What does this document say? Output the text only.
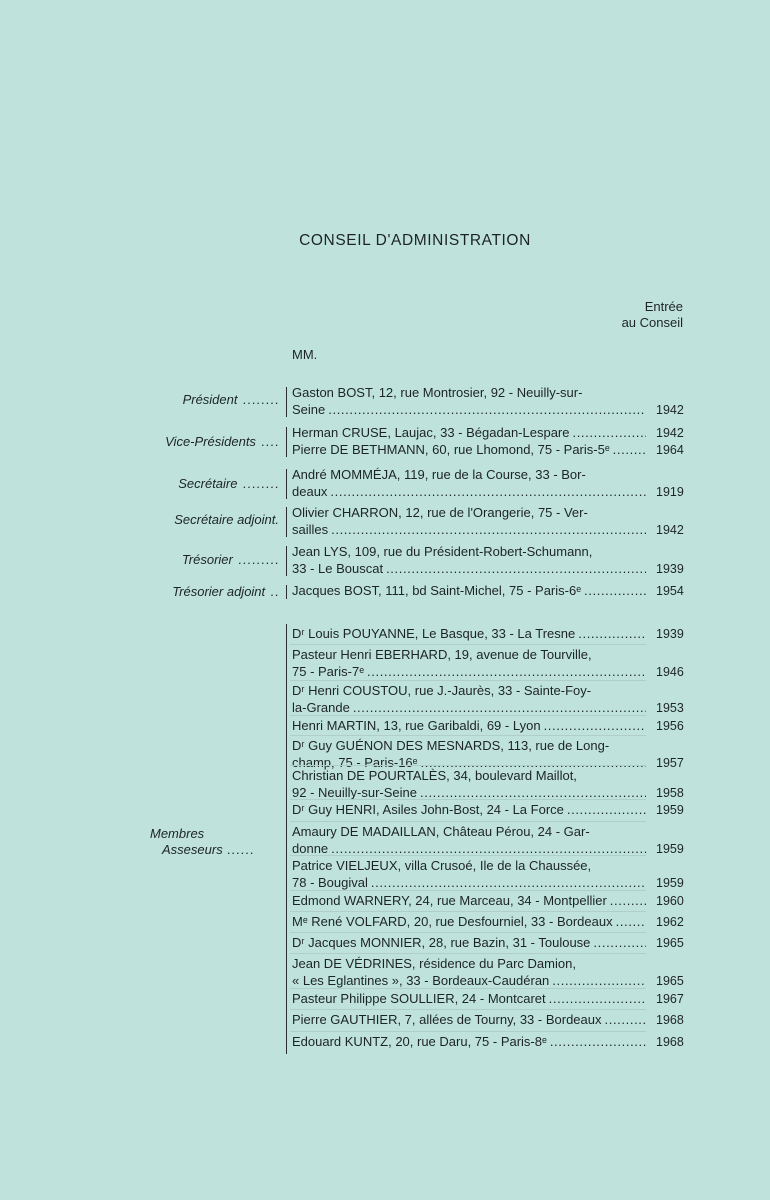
CONSEIL D'ADMINISTRATION
Entrée
au Conseil
MM.
Président ........ Gaston BOST, 12, rue Montrosier, 92 - Neuilly-sur-
Seine . . .	1942
Vice-Présidents ....
Herman CRUSE, Laujac, 33 - Bégadan-Lespare . . .	1942
Pierre DE BETHMANN, 60, rue Lhomond, 75 - Paris-5ᵉ . . .	1964
Secrétaire ........
André MOMMÉJA, 119, rue de la Course, 33 - Bor-
deaux . . .	1919
Secrétaire adjoint. Olivier CHARRON, 12, rue de l'Orangerie, 75 - Ver-
sailles . . .	1942
Trésorier .........
Jean LYS, 109, rue du Président-Robert-Schumann,
33 - Le Bouscat . . .	1939
Trésorier adjoint .. Jacques BOST, 111, bd Saint-Michel, 75 - Paris-6ᵉ . . .	1954
Membres
Asseseurs ......
Dʳ Louis POUYANNE, Le Basque, 33 - La Tresne . . .	1939
Pasteur Henri EBERHARD, 19, avenue de Tourville,
75 - Paris-7ᵉ . . .	1946
Dʳ Henri COUSTOU, rue J.-Jaurès, 33 - Sainte-Foy-
la-Grande . . .	1953
Henri MARTIN, 13, rue Garibaldi, 69 - Lyon . . .	1956
Dʳ Guy GUÉNON DES MESNARDS, 113, rue de Long-
champ, 75 - Paris-16ᵉ . . .	1957
Christian DE POURTALÈS, 34, boulevard Maillot,
92 - Neuilly-sur-Seine . . .	1958
Dʳ Guy HENRI, Asiles John-Bost, 24 - La Force . . .	1959
Amaury DE MADAILLAN, Château Pérou, 24 - Gar-
donne . . .	1959
Patrice VIELJEUX, villa Crusoé, Ile de la Chaussée,
78 - Bougival . . .	1959
Edmond WARNERY, 24, rue Marceau, 34 - Montpellier . . .	1960
Mᵉ René VOLFARD, 20, rue Desfourniel, 33 - Bordeaux . . .	1962
Dʳ Jacques MONNIER, 28, rue Bazin, 31 - Toulouse . . .	1965
Jean DE VÉDRINES, résidence du Parc Damion,
« Les Eglantines », 33 - Bordeaux-Caudéran . . .	1965
Pasteur Philippe SOULLIER, 24 - Montcaret . . .	1967
Pierre GAUTHIER, 7, allées de Tourny, 33 - Bordeaux . . .	1968
Edouard KUNTZ, 20, rue Daru, 75 - Paris-8ᵉ . . .	1968
